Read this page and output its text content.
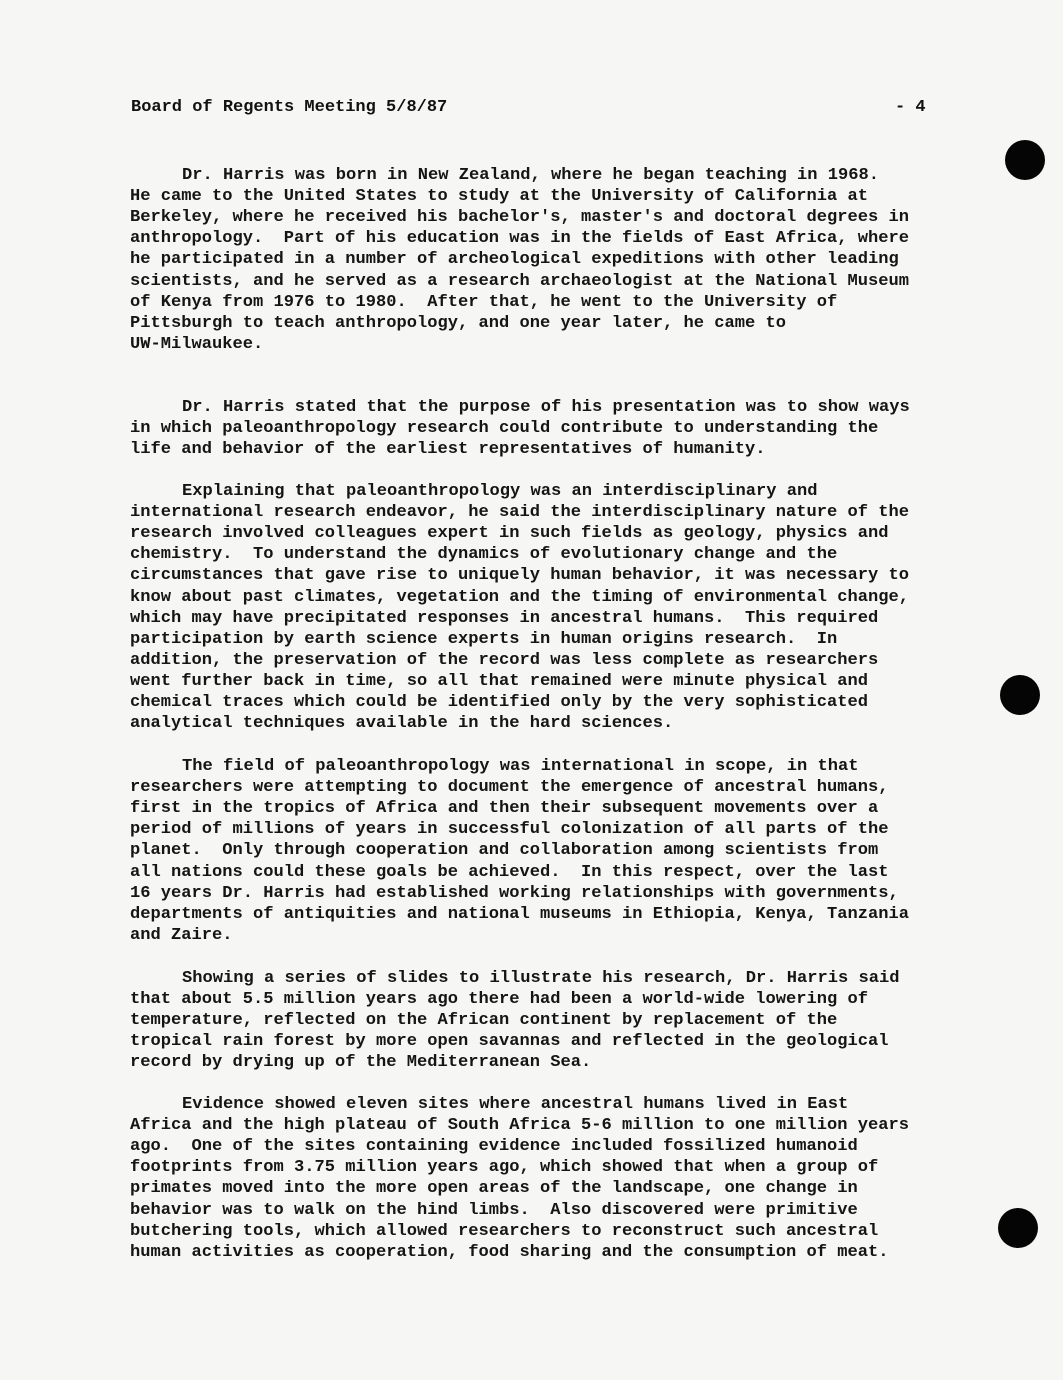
Board of Regents Meeting 5/8/87	- 4
Dr. Harris was born in New Zealand, where he began teaching in 1968.
He came to the United States to study at the University of California at
Berkeley, where he received his bachelor's, master's and doctoral degrees in
anthropology.  Part of his education was in the fields of East Africa, where
he participated in a number of archeological expeditions with other leading
scientists, and he served as a research archaeologist at the National Museum
of Kenya from 1976 to 1980.  After that, he went to the University of
Pittsburgh to teach anthropology, and one year later, he came to
UW-Milwaukee.
Dr. Harris stated that the purpose of his presentation was to show ways
in which paleoanthropology research could contribute to understanding the
life and behavior of the earliest representatives of humanity.
Explaining that paleoanthropology was an interdisciplinary and
international research endeavor, he said the interdisciplinary nature of the
research involved colleagues expert in such fields as geology, physics and
chemistry.  To understand the dynamics of evolutionary change and the
circumstances that gave rise to uniquely human behavior, it was necessary to
know about past climates, vegetation and the timing of environmental change,
which may have precipitated responses in ancestral humans.  This required
participation by earth science experts in human origins research.  In
addition, the preservation of the record was less complete as researchers
went further back in time, so all that remained were minute physical and
chemical traces which could be identified only by the very sophisticated
analytical techniques available in the hard sciences.
The field of paleoanthropology was international in scope, in that
researchers were attempting to document the emergence of ancestral humans,
first in the tropics of Africa and then their subsequent movements over a
period of millions of years in successful colonization of all parts of the
planet.  Only through cooperation and collaboration among scientists from
all nations could these goals be achieved.  In this respect, over the last
16 years Dr. Harris had established working relationships with governments,
departments of antiquities and national museums in Ethiopia, Kenya, Tanzania
and Zaire.
Showing a series of slides to illustrate his research, Dr. Harris said
that about 5.5 million years ago there had been a world-wide lowering of
temperature, reflected on the African continent by replacement of the
tropical rain forest by more open savannas and reflected in the geological
record by drying up of the Mediterranean Sea.
Evidence showed eleven sites where ancestral humans lived in East
Africa and the high plateau of South Africa 5-6 million to one million years
ago.  One of the sites containing evidence included fossilized humanoid
footprints from 3.75 million years ago, which showed that when a group of
primates moved into the more open areas of the landscape, one change in
behavior was to walk on the hind limbs.  Also discovered were primitive
butchering tools, which allowed researchers to reconstruct such ancestral
human activities as cooperation, food sharing and the consumption of meat.
